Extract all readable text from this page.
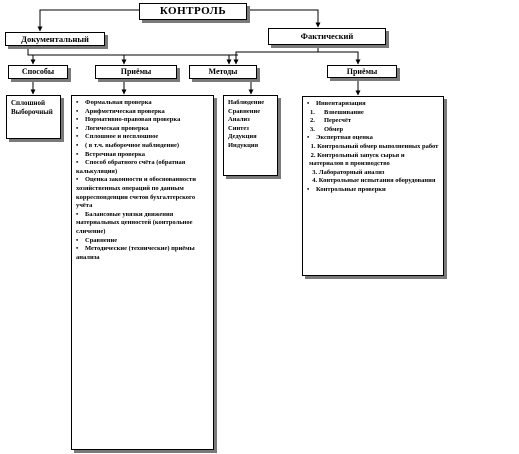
КОНТРОЛЬ
Документальный	Фактический
Способы	Приёмы	Методы	Приёмы
Сплошной
Выборочный
• Формальная проверка
• Арифметическая проверка
• Нормативно-правовая проверка
• Логическая проверка
• Сплошное и несплошное
• ( в т.ч. выборочное наблюдение)
• Встречная проверка
• Способ обратного счёта (обратная калькуляция)
• Оценка законности и обоснованности хозяйственных операций по данным корреспонденции счетов бухгалтерского учёта
• Балансовые увязки движения материальных ценностей (контрольное сличение)
• Сравнение
• Методические (технические) приёмы анализа
Наблюдение
Сравнение
Анализ
Синтез
Дедукция
Индукция
• Инвентаризация
1. Взвешивание
2. Пересчёт
3. Обмер
• Экспертная оценка
1. Контрольный обмер выполненных работ
2. Контрольный запуск сырья и материалов в производство
3. Лабораторный анализ
4. Контрольные испытания оборудования
• Контрольные проверки
